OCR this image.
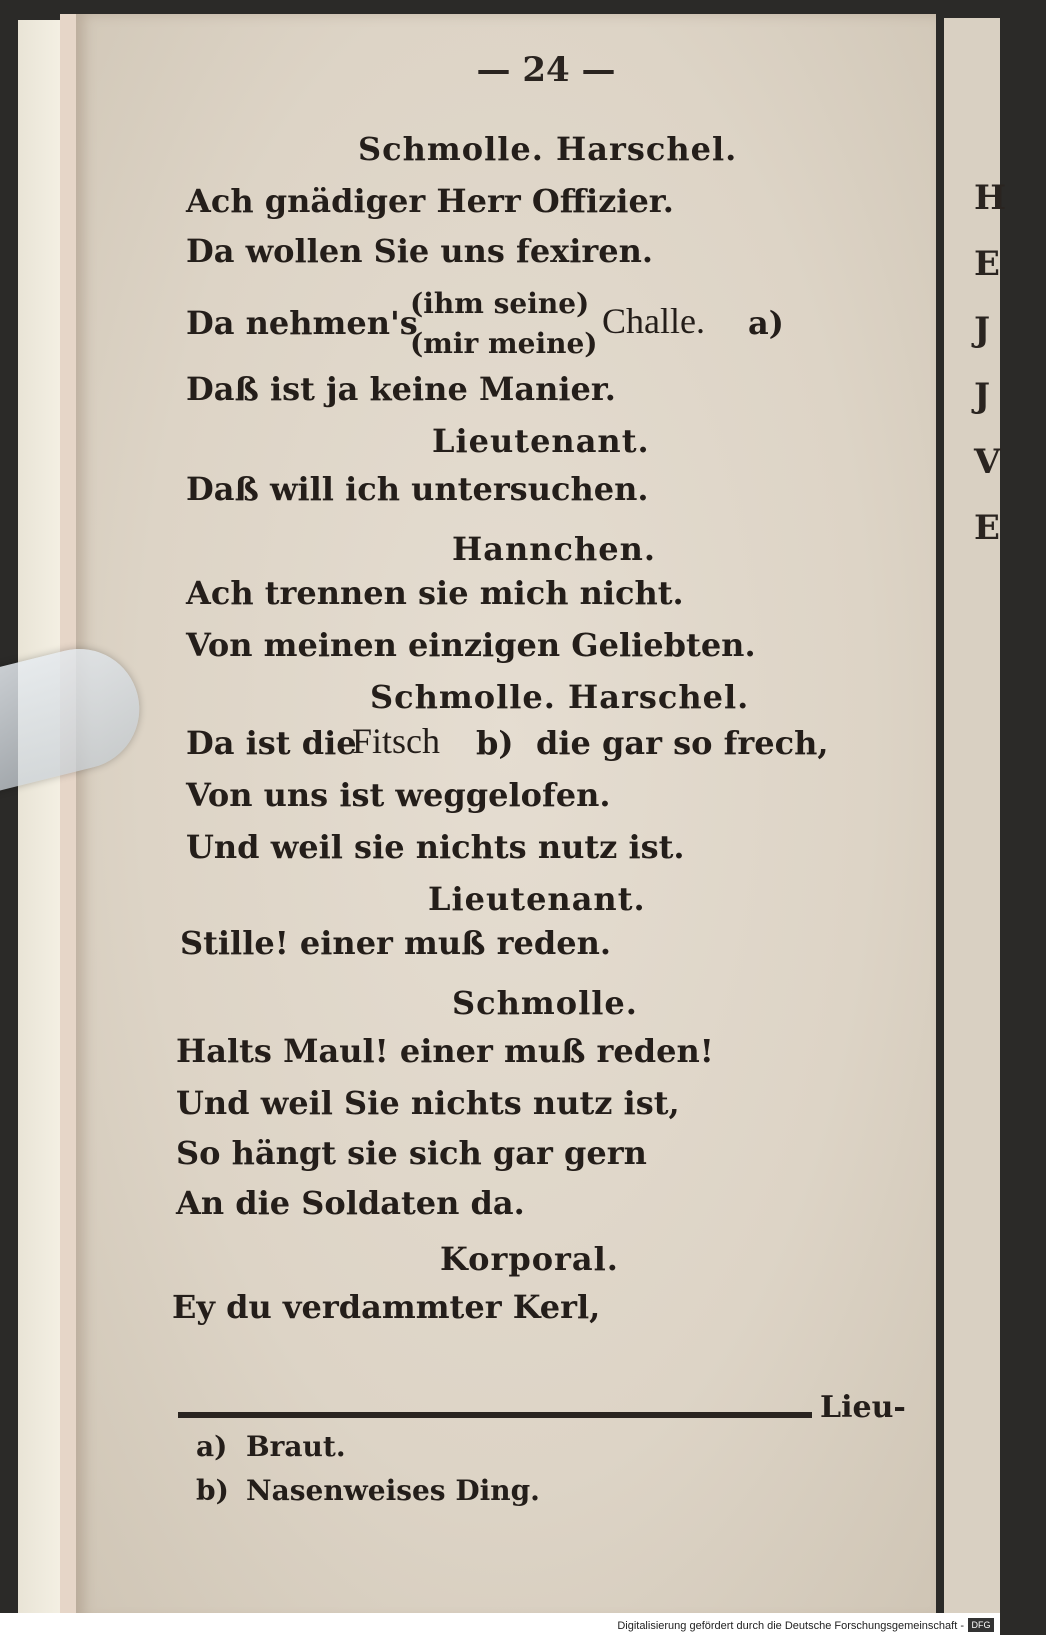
H
E
J
J
V
E
— 24 —
Schmolle. Harschel.
Ach gnädiger Herr Offizier.
Da wollen Sie uns fexiren.
Da nehmen's
(ihm seine)
(mir meine)
Challe. a)
Daß ist ja keine Manier.
Lieutenant.
Daß will ich untersuchen.
Hannchen.
Ach trennen sie mich nicht.
Von meinen einzigen Geliebten.
Schmolle. Harschel.
Da ist die
Fitsch b) die gar so frech,
Von uns ist weggelofen.
Und weil sie nichts nutz ist.
Lieutenant.
Stille! einer muß reden.
Schmolle.
Halts Maul! einer muß reden!
Und weil Sie nichts nutz ist,
So hängt sie sich gar gern
An die Soldaten da.
Korporal.
Ey du verdammter Kerl,
Lieu-
a) Braut.
b) Nasenweises Ding.
Digitalisierung gefördert durch die Deutsche Forschungsgemeinschaft - DFG
